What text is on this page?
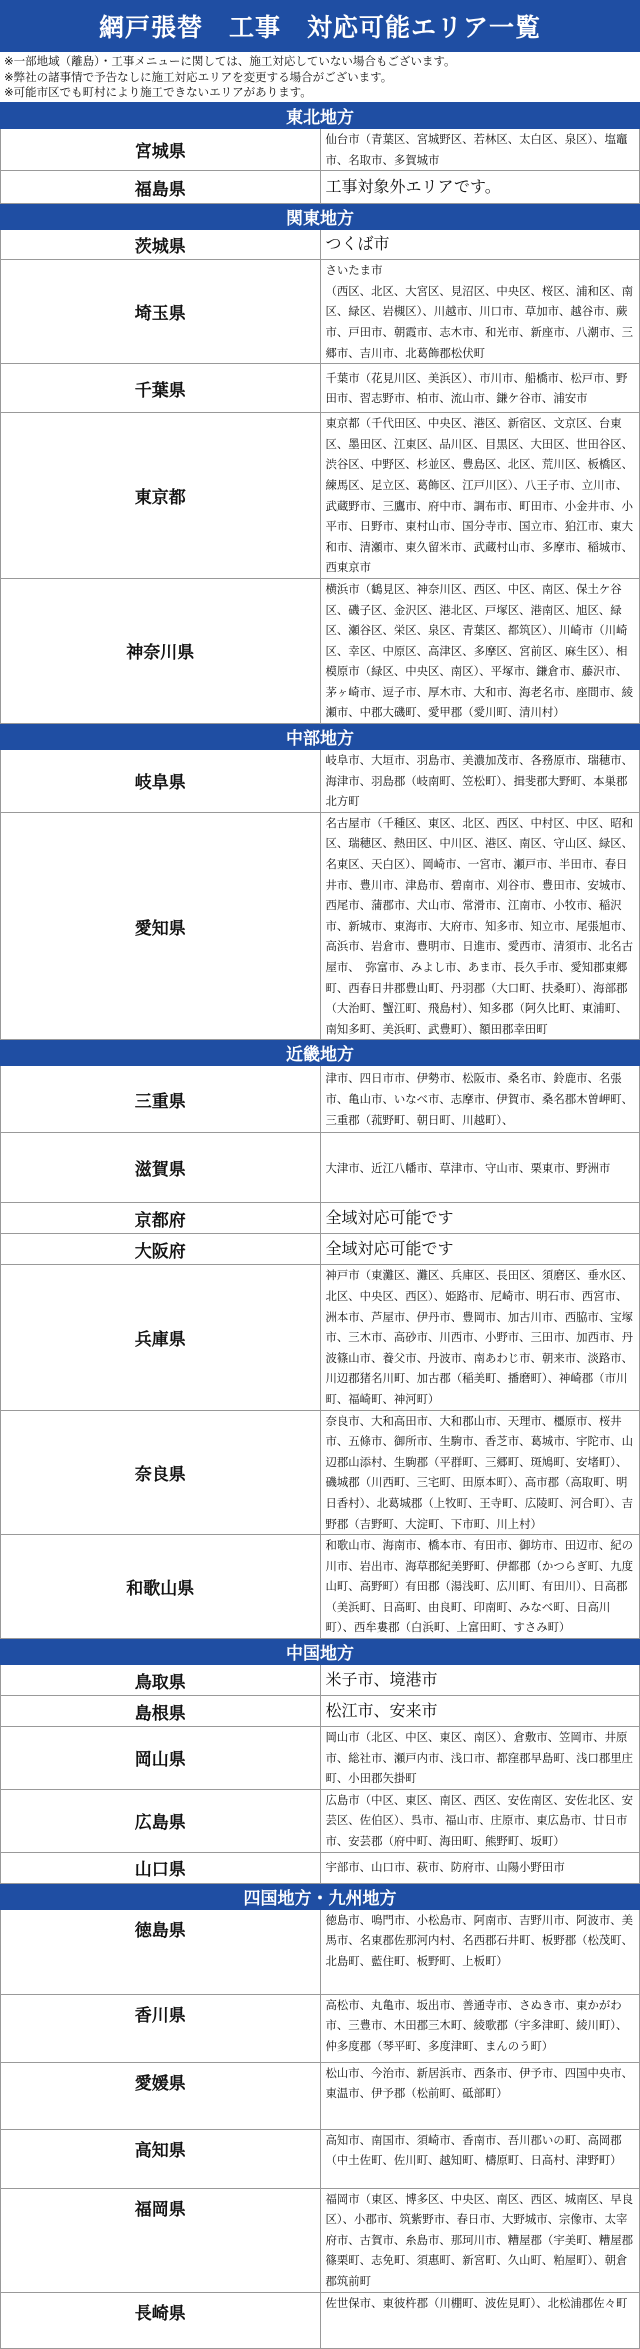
網戸張替　工事　対応可能エリア一覧
※一部地域（離島）・工事メニューに関しては、施工対応していない場合もございます。
※弊社の諸事情で予告なしに施工対応エリアを変更する場合がございます。
※可能市区でも町村により施工できないエリアがあります。
東北地方	
宮城県	仙台市（青葉区、宮城野区、若林区、太白区、泉区）、塩竈市、名取市、多賀城市
福島県	工事対象外エリアです。
関東地方	
茨城県	つくば市
埼玉県	さいたま市
（西区、北区、大宮区、見沼区、中央区、桜区、浦和区、南区、緑区、岩槻区）、川越市、川口市、草加市、越谷市、蕨市、戸田市、朝霞市、志木市、和光市、新座市、八潮市、三郷市、吉川市、北葛飾郡松伏町
千葉県	千葉市（花見川区、美浜区）、市川市、船橋市、松戸市、野田市、習志野市、柏市、流山市、鎌ケ谷市、浦安市
東京都	東京都（千代田区、中央区、港区、新宿区、文京区、台東区、墨田区、江東区、品川区、目黒区、大田区、世田谷区、渋谷区、中野区、杉並区、豊島区、北区、荒川区、板橋区、練馬区、足立区、葛飾区、江戸川区）、八王子市、立川市、武蔵野市、三鷹市、府中市、調布市、町田市、小金井市、小平市、日野市、東村山市、国分寺市、国立市、狛江市、東大和市、清瀬市、東久留米市、武蔵村山市、多摩市、稲城市、西東京市
神奈川県	横浜市（鶴見区、神奈川区、西区、中区、南区、保土ケ谷区、磯子区、金沢区、港北区、戸塚区、港南区、旭区、緑区、瀬谷区、栄区、泉区、青葉区、都筑区）、川崎市（川崎区、幸区、中原区、高津区、多摩区、宮前区、麻生区）、相模原市（緑区、中央区、南区）、平塚市、鎌倉市、藤沢市、茅ヶ崎市、逗子市、厚木市、大和市、海老名市、座間市、綾瀬市、中郡大磯町、愛甲郡（愛川町、清川村）
中部地方	
岐阜県	岐阜市、大垣市、羽島市、美濃加茂市、各務原市、瑞穂市、海津市、羽島郡（岐南町、笠松町）、揖斐郡大野町、本巣郡北方町
愛知県	名古屋市（千種区、東区、北区、西区、中村区、中区、昭和区、瑞穂区、熱田区、中川区、港区、南区、守山区、緑区、名東区、天白区）、岡崎市、一宮市、瀬戸市、半田市、春日井市、豊川市、津島市、碧南市、刈谷市、豊田市、安城市、西尾市、蒲郡市、犬山市、常滑市、江南市、小牧市、稲沢市、新城市、東海市、大府市、知多市、知立市、尾張旭市、高浜市、岩倉市、豊明市、日進市、愛西市、清須市、北名古屋市、　弥富市、みよし市、あま市、長久手市、愛知郡東郷町、西春日井郡豊山町、丹羽郡（大口町、扶桑町）、海部郡（大治町、蟹江町、飛島村）、知多郡（阿久比町、東浦町、南知多町、美浜町、武豊町）、額田郡幸田町
近畿地方	
三重県	津市、四日市市、伊勢市、松阪市、桑名市、鈴鹿市、名張市、亀山市、いなべ市、志摩市、伊賀市、桑名郡木曽岬町、三重郡（菰野町、朝日町、川越町）、
滋賀県	大津市、近江八幡市、草津市、守山市、栗東市、野洲市
京都府	全域対応可能です
大阪府	全域対応可能です
兵庫県	神戸市（東灘区、灘区、兵庫区、長田区、須磨区、垂水区、北区、中央区、西区）、姫路市、尼崎市、明石市、西宮市、洲本市、芦屋市、伊丹市、豊岡市、加古川市、西脇市、宝塚市、三木市、高砂市、川西市、小野市、三田市、加西市、丹波篠山市、養父市、丹波市、南あわじ市、朝来市、淡路市、川辺郡猪名川町、加古郡（稲美町、播磨町）、神崎郡（市川町、福崎町、神河町）
奈良県	奈良市、大和高田市、大和郡山市、天理市、橿原市、桜井市、五條市、御所市、生駒市、香芝市、葛城市、宇陀市、山辺郡山添村、生駒郡（平群町、三郷町、斑鳩町、安堵町）、磯城郡（川西町、三宅町、田原本町）、高市郡（高取町、明日香村）、北葛城郡（上牧町、王寺町、広陵町、河合町）、吉野郡（吉野町、大淀町、下市町、川上村）
和歌山県	和歌山市、海南市、橋本市、有田市、御坊市、田辺市、紀の川市、岩出市、海草郡紀美野町、伊都郡（かつらぎ町、九度山町、高野町）有田郡（湯浅町、広川町、有田川）、日高郡（美浜町、日高町、由良町、印南町、みなべ町、日高川町）、西牟婁郡（白浜町、上富田町、すさみ町）
中国地方	
鳥取県	米子市、境港市
島根県	松江市、安来市
岡山県	岡山市（北区、中区、東区、南区）、倉敷市、笠岡市、井原市、総社市、瀬戸内市、浅口市、都窪郡早島町、浅口郡里庄町、小田郡矢掛町
広島県	広島市（中区、東区、南区、西区、安佐南区、安佐北区、安芸区、佐伯区）、呉市、福山市、庄原市、東広島市、廿日市市、安芸郡（府中町、海田町、熊野町、坂町）
山口県	宇部市、山口市、萩市、防府市、山陽小野田市
四国地方・九州地方	
徳島県	徳島市、鳴門市、小松島市、阿南市、吉野川市、阿波市、美馬市、名東郡佐那河内村、名西郡石井町、板野郡（松茂町、北島町、藍住町、板野町、上板町）
香川県	高松市、丸亀市、坂出市、善通寺市、さぬき市、東かがわ市、三豊市、木田郡三木町、綾歌郡（宇多津町、綾川町）、仲多度郡（琴平町、多度津町、まんのう町）
愛媛県	松山市、今治市、新居浜市、西条市、伊予市、四国中央市、東温市、伊予郡（松前町、砥部町）
高知県	高知市、南国市、須崎市、香南市、吾川郡いの町、高岡郡（中土佐町、佐川町、越知町、檮原町、日高村、津野町）
福岡県	福岡市（東区、博多区、中央区、南区、西区、城南区、早良区）、小郡市、筑紫野市、春日市、大野城市、宗像市、太宰府市、古賀市、糸島市、那珂川市、糟屋郡（宇美町、糟屋郡篠栗町、志免町、須惠町、新宮町、久山町、粕屋町）、朝倉郡筑前町
長崎県	佐世保市、東彼杵郡（川棚町、波佐見町）、北松浦郡佐々町
